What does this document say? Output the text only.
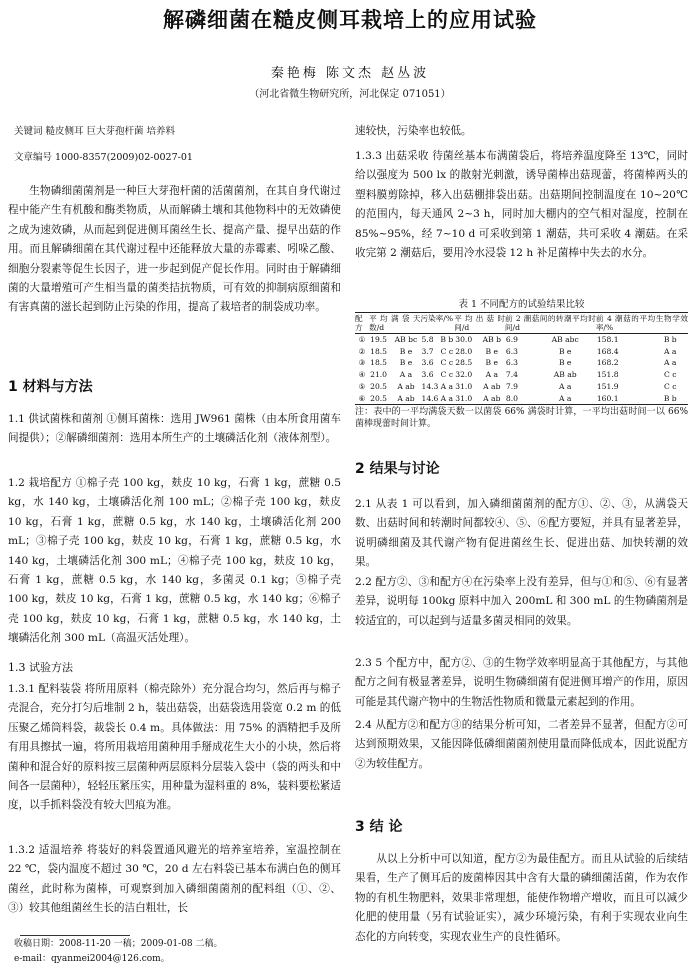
解磷细菌在糙皮侧耳栽培上的应用试验
秦艳梅 陈文杰 赵丛波
（河北省微生物研究所，河北保定 071051）
关键词 糙皮侧耳 巨大芽孢杆菌 培养料
文章编号 1000-8357(2009)02-0027-01

生物磷细菌菌剂是一种巨大芽孢杆菌的活菌菌剂，在其自身代谢过程中能产生有机酸和酶类物质，从而解磷土壤和其他物料中的无效磷使之成为速效磷，从而起到促进侧耳菌丝生长、提高产量、提早出菇的作用。而且解磷细菌在其代谢过程中还能释放大量的赤霉素、吲哚乙酸、细胞分裂素等促生长因子，进一步起到促产促长作用。同时由于解磷细菌的大量增殖可产生相当量的菌类拮抗物质，可有效的抑制病原细菌和有害真菌的滋长起到防止污染的作用，提高了栽培者的制袋成功率。

1 材料与方法

1.1 供试菌株和菌剂 ①侧耳菌株：选用 JW961 菌株（由本所食用菌车间提供）；②解磷细菌剂：选用本所生产的土壤磷活化剂（液体剂型）。

1.2 栽培配方 ①棉子壳 100 kg，麸皮 10 kg，石膏 1 kg，蔗糖 0.5 kg，水 140 kg，土壤磷活化剂 100 mL；②棉子壳 100 kg，麸皮 10 kg，石膏 1 kg，蔗糖 0.5 kg，水 140 kg，土壤磷活化剂 200 mL；③棉子壳 100 kg，麸皮 10 kg，石膏 1 kg，蔗糖 0.5 kg，水 140 kg，土壤磷活化剂 300 mL；④棉子壳 100 kg，麸皮 10 kg，石膏 1 kg，蔗糖 0.5 kg，水 140 kg，多菌灵 0.1 kg；⑤棉子壳 100 kg，麸皮 10 kg，石膏 1 kg，蔗糖 0.5 kg，水 140 kg；⑥棉子壳 100 kg，麸皮 10 kg，石膏 1 kg，蔗糖 0.5 kg，水 140 kg，土壤磷活化剂 300 mL（高温灭活处理）。

1.3 试验方法

1.3.1 配料装袋 将所用原料（棉壳除外）充分混合均匀，然后再与棉子壳混合，充分打匀后堆制 2 h，装出菇袋，出菇袋选用袋宽 0.2 m 的低压聚乙烯筒料袋，裁袋长 0.4 m。具体做法：用 75% 的酒精把手及所有用具擦拭一遍，将所用栽培用菌种用手掰成花生大小的小块，然后将菌种和混合好的原料按三层菌种两层原料分层装入袋中（袋的两头和中间各一层菌种），轻轻压紧压实，用种量为湿料重的 8%，装料要松紧适度，以手抓料袋没有较大凹痕为准。

1.3.2 适温培养 将装好的料袋置通风避光的培养室培养，室温控制在 22 ℃，袋内温度不超过 30 ℃，20 d 左右料袋已基本布满白色的侧耳菌丝，此时称为菌棒，可观察到加入磷细菌菌剂的配料组（①、②、③）较其他组菌丝生长的洁白粗壮，长

收稿日期：2008-11-20 一稿；2009-01-08 二稿。
e-mail：qyanmei2004@126.com。

速较快，污染率也较低。

1.3.3 出菇采收 待菌丝基本布满菌袋后，将培养温度降至 13℃，同时给以强度为 500 lx 的散射光刺激，诱导菌棒出菇现蕾，将菌棒两头的塑料膜剪除掉，移入出菇棚排袋出菇。出菇期间控制温度在 10~20℃ 的范围内，每天通风 2~3 h，同时加大棚内的空气相对湿度，控制在 85%~95%，经 7~10 d 可采收到第 1 潮菇，共可采收 4 潮菇。在采收完第 2 潮菇后，要用冷水浸袋 12 h 补足菌棒中失去的水分。

表 1 不同配方的试验结果比较
配方	平均满袋天数/d		污染率/%		平均出菇时间/d		前 2 潮菇间的转潮平均时间/d		前 4 潮菇的平均生物学效率/%	
①	19.5	AB bc	5.8	B b	30.0	AB b	6.9	AB abc	158.1	B b
②	18.5	B e	3.7	C c	28.0	B e	6.3	B e	168.4	A a
③	18.5	B e	3.6	C c	28.5	B e	6.3	B e	168.2	A a
④	21.0	A a	3.6	C c	32.0	A a	7.4	AB ab	151.8	C c
⑤	20.5	A ab	14.3	A a	31.0	A ab	7.9	A a	151.9	C c
⑥	20.5	A ab	14.6	A a	31.0	A ab	8.0	A a	160.1	B b
注：表中的一平均满袋天数一以菌袋 66% 满袋时计算，一平均出菇时间一以 66% 菌棒现蕾时间计算。
2 结果与讨论

2.1 从表 1 可以看到，加入磷细菌菌剂的配方①、②、③，从满袋天数、出菇时间和转潮时间都较④、⑤、⑥配方要短，并具有显著差异，说明磷细菌及其代谢产物有促进菌丝生长、促进出菇、加快转潮的效果。

2.2 配方②、③和配方④在污染率上没有差异，但与①和⑤、⑥有显著差异，说明每 100kg 原料中加入 200mL 和 300 mL 的生物磷菌剂是较适宜的，可以起到与适量多菌灵相同的效果。

2.3 5 个配方中，配方②、③的生物学效率明显高于其他配方，与其他配方之间有极显著差异，说明生物磷细菌有促进侧耳增产的作用，原因可能是其代谢产物中的生物活性物质和微量元素起到的作用。

2.4 从配方②和配方③的结果分析可知，二者差异不显著，但配方②可达到预期效果，又能因降低磷细菌菌剂使用量而降低成本，因此说配方②为较佳配方。

3 结 论

从以上分析中可以知道，配方②为最佳配方。而且从试验的后续结果看，生产了侧耳后的废菌棒因其中含有大量的磷细菌活菌，作为农作物的有机生物肥料，效果非常理想，能使作物增产增收，而且可以减少化肥的使用量（另有试验证实），减少环境污染，有利于实现农业向生态化的方向转变，实现农业生产的良性循环。
